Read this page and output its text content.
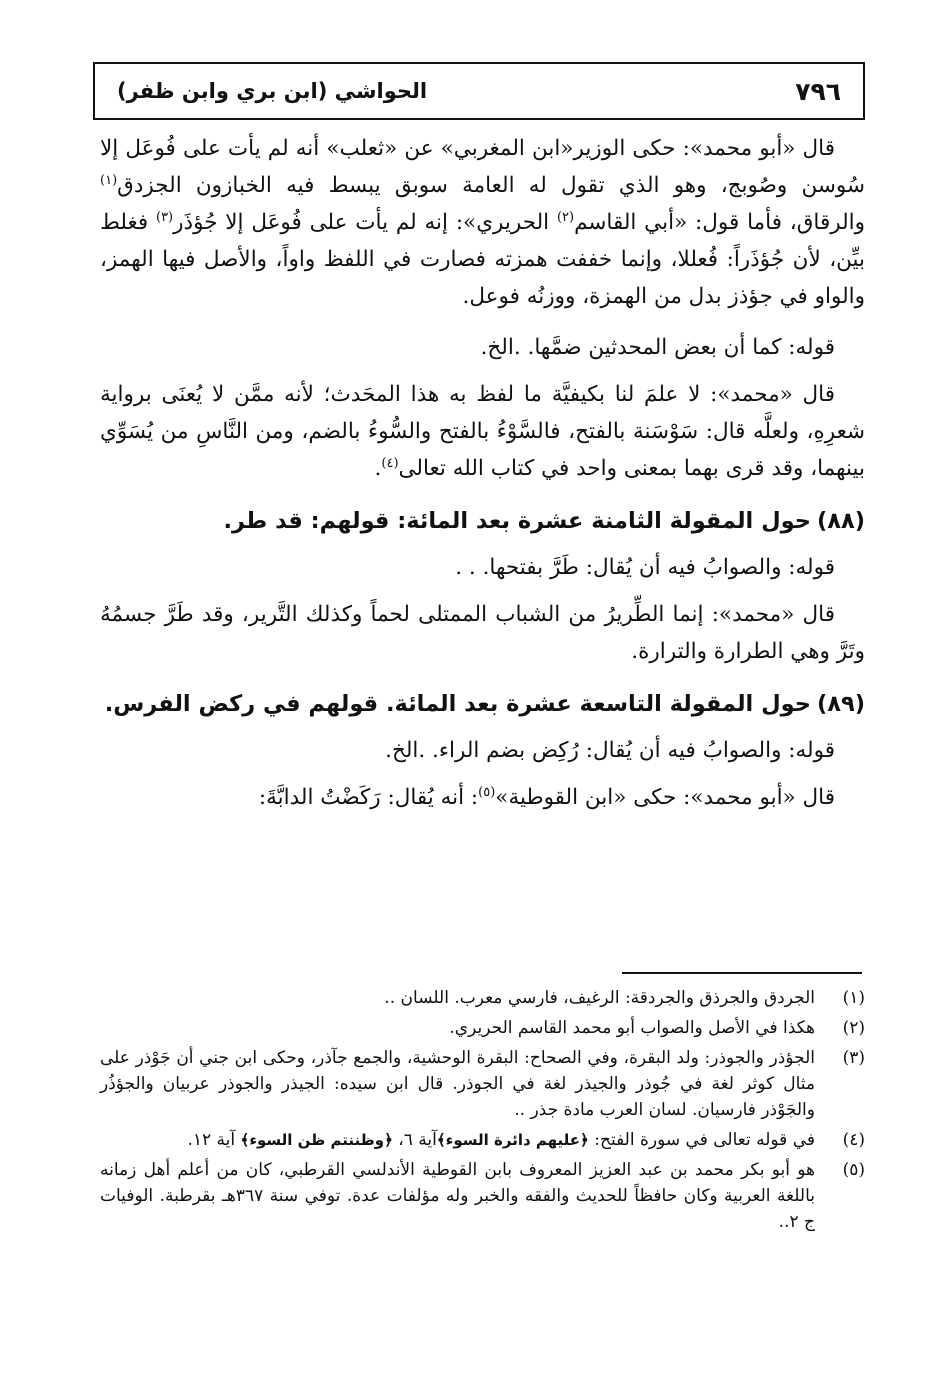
٧٩٦
الحواشي (ابن بري وابن ظفر)

قال «أبو محمد»: حكى الوزير«ابن المغربي» عن «ثعلب» أنه لم يأت على فُوعَل إلا سُوسن وصُوبج، وهو الذي تقول له العامة سوبق يبسط فيه الخبازون الجزدق$^{(١)}$ والرقاق، فأما قول: «أبي القاسم$^{(٢)}$ الحريري»: إنه لم يأت على فُوعَل إلا جُؤذَر$^{(٣)}$ فغلط بيِّن، لأن جُؤذَراً: فُعللا، وإنما خففت همزته فصارت في اللفظ واواً، والأصل فيها الهمز، والواو في جؤذز بدل من الهمزة، ووزنُه فوعل.

قوله: كما أن بعض المحدثين ضمَّها. .الخ.

قال «محمد»: لا علمَ لنا بكيفيَّة ما لفظ به هذا المحَدث؛ لأنه ممَّن لا يُعنَى برواية شعرِهِ، ولعلَّه قال: سَوْسَنة بالفتح، فالسَّوْءُ بالفتح والسُّوءُ بالضم، ومن النَّاسِ من يُسَوِّي بينهما، وقد قرى بهما بمعنى واحد في كتاب الله تعالى$^{(٤)}$.

(٨٨)حول المقولة الثامنة عشرة بعد المائة: قولهم: قد طر.

قوله: والصوابُ فيه أن يُقال: طَرَّ بفتحها. . .

قال «محمد»: إنما الطِّريرُ من الشباب الممتلى لحماً وكذلك التَّرير، وقد طَرَّ جسمُهُ وتَرَّ وهي الطرارة والترارة.

(٨٩)حول المقولة التاسعة عشرة بعد المائة. قولهم في ركض الفرس.

قوله: والصوابُ فيه أن يُقال: رُكِض بضم الراء. .الخ.

قال «أبو محمد»: حكى «ابن القوطية»$^{(٥)}$: أنه يُقال: رَكَضْتُ الدابَّةَ:

(١)
الجردق والجرذق والجردقة: الرغيف، فارسي معرب. اللسان ..
(٢)
هكذا في الأصل والصواب أبو محمد القاسم الحريري.
(٣)
الجؤذر والجوذر: ولد البقرة، وفي الصحاح: البقرة الوحشية، والجمع جآذر، وحكى ابن جني أن جَوْذر على مثال كوثر لغة في جُوذر والجيذر لغة في الجوذر. قال ابن سيده: الجيذر والجوذر عربيان والجؤذُر والجَوْذر فارسيان. لسان العرب مادة جذر ..
(٤)
في قوله تعالى في سورة الفتح: ﴿عليهم دائرة السوء﴾آية ٦، ﴿وظننتم ظن السوء﴾ آية ١٢.
(٥)
هو أبو بكر محمد بن عبد العزيز المعروف بابن القوطية الأندلسي القرطبي، كان من أعلم أهل زمانه باللغة العربية وكان حافظاً للحديث والفقه والخبر وله مؤلفات عدة. توفي سنة ٣٦٧هـ بقرطبة. الوفيات ج ٢..
